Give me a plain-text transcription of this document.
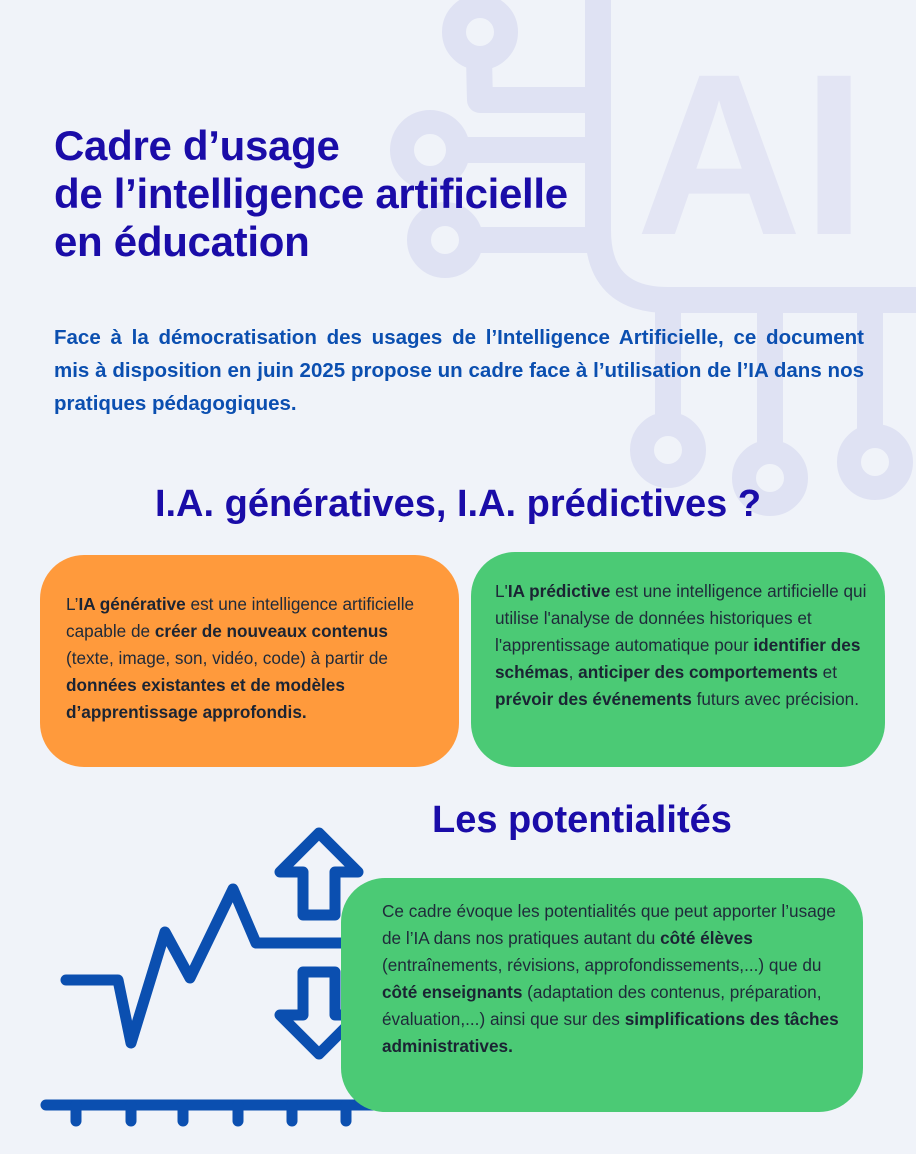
AI
Cadre d’usage
de l’intelligence artificielle
en éducation

Face à la démocratisation des usages de l’Intelligence Artificielle, ce document mis à disposition en juin 2025 propose un cadre face à l’utilisation de l’IA dans nos pratiques pédagogiques.

I.A. génératives, I.A. prédictives ?
L’IA générative est une intelligence artificielle capable de créer de nouveaux contenus (texte, image, son, vidéo, code) à partir de données existantes et de modèles d’apprentissage approfondis.
L'IA prédictive est une intelligence artificielle qui utilise l'analyse de données historiques et l'apprentissage automatique pour identifier des schémas, anticiper des comportements et prévoir des événements futurs avec précision.
Les potentialités
Ce cadre évoque les potentialités que peut apporter l’usage de l’IA dans nos pratiques autant du côté élèves (entraînements, révisions, approfondissements,...) que du côté enseignants (adaptation des contenus, préparation, évaluation,...) ainsi que sur des simplifications des tâches administratives.
